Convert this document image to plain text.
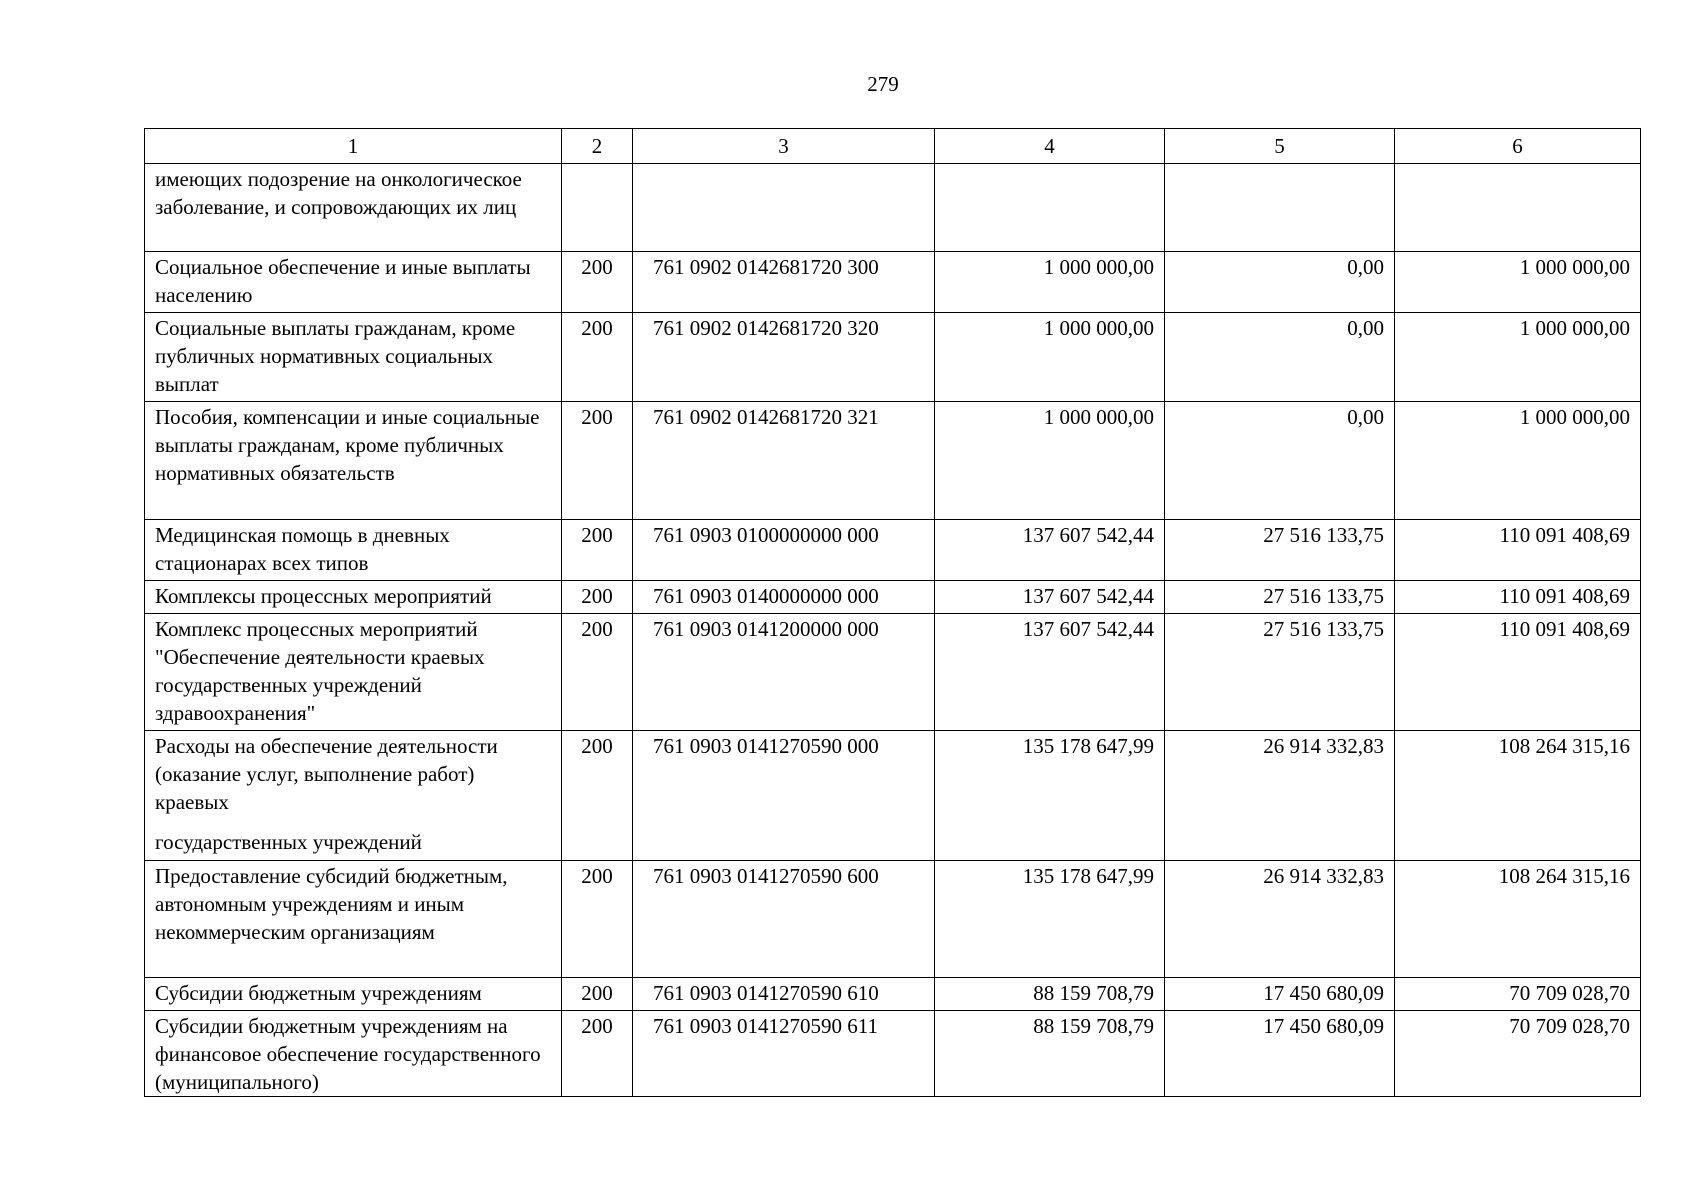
279
1	2	3	4	5	6
имеющих подозрение на онкологическое заболевание, и сопровождающих их лиц					
Социальное обеспечение и иные выплаты населению	200	761 0902 0142681720 300	1 000 000,00	0,00	1 000 000,00
Социальные выплаты гражданам, кроме публичных нормативных социальных выплат	200	761 0902 0142681720 320	1 000 000,00	0,00	1 000 000,00
Пособия, компенсации и иные социальные выплаты гражданам, кроме публичных нормативных обязательств	200	761 0902 0142681720 321	1 000 000,00	0,00	1 000 000,00
Медицинская помощь в дневных стационарах всех типов	200	761 0903 0100000000 000	137 607 542,44	27 516 133,75	110 091 408,69
Комплексы процессных мероприятий	200	761 0903 0140000000 000	137 607 542,44	27 516 133,75	110 091 408,69
Комплекс процессных мероприятий "Обеспечение деятельности краевых государственных учреждений здравоохранения"	200	761 0903 0141200000 000	137 607 542,44	27 516 133,75	110 091 408,69

Расходы на обеспечение деятельности (оказание услуг, выполнение работ) краевых
государственных учреждений	200	761 0903 0141270590 000	135 178 647,99	26 914 332,83	108 264 315,16
Предоставление субсидий бюджетным, автономным учреждениям и иным некоммерческим организациям	200	761 0903 0141270590 600	135 178 647,99	26 914 332,83	108 264 315,16
Субсидии бюджетным учреждениям	200	761 0903 0141270590 610	88 159 708,79	17 450 680,09	70 709 028,70
Субсидии бюджетным учреждениям на финансовое обеспечение государственного (муниципального)	200	761 0903 0141270590 611	88 159 708,79	17 450 680,09	70 709 028,70
